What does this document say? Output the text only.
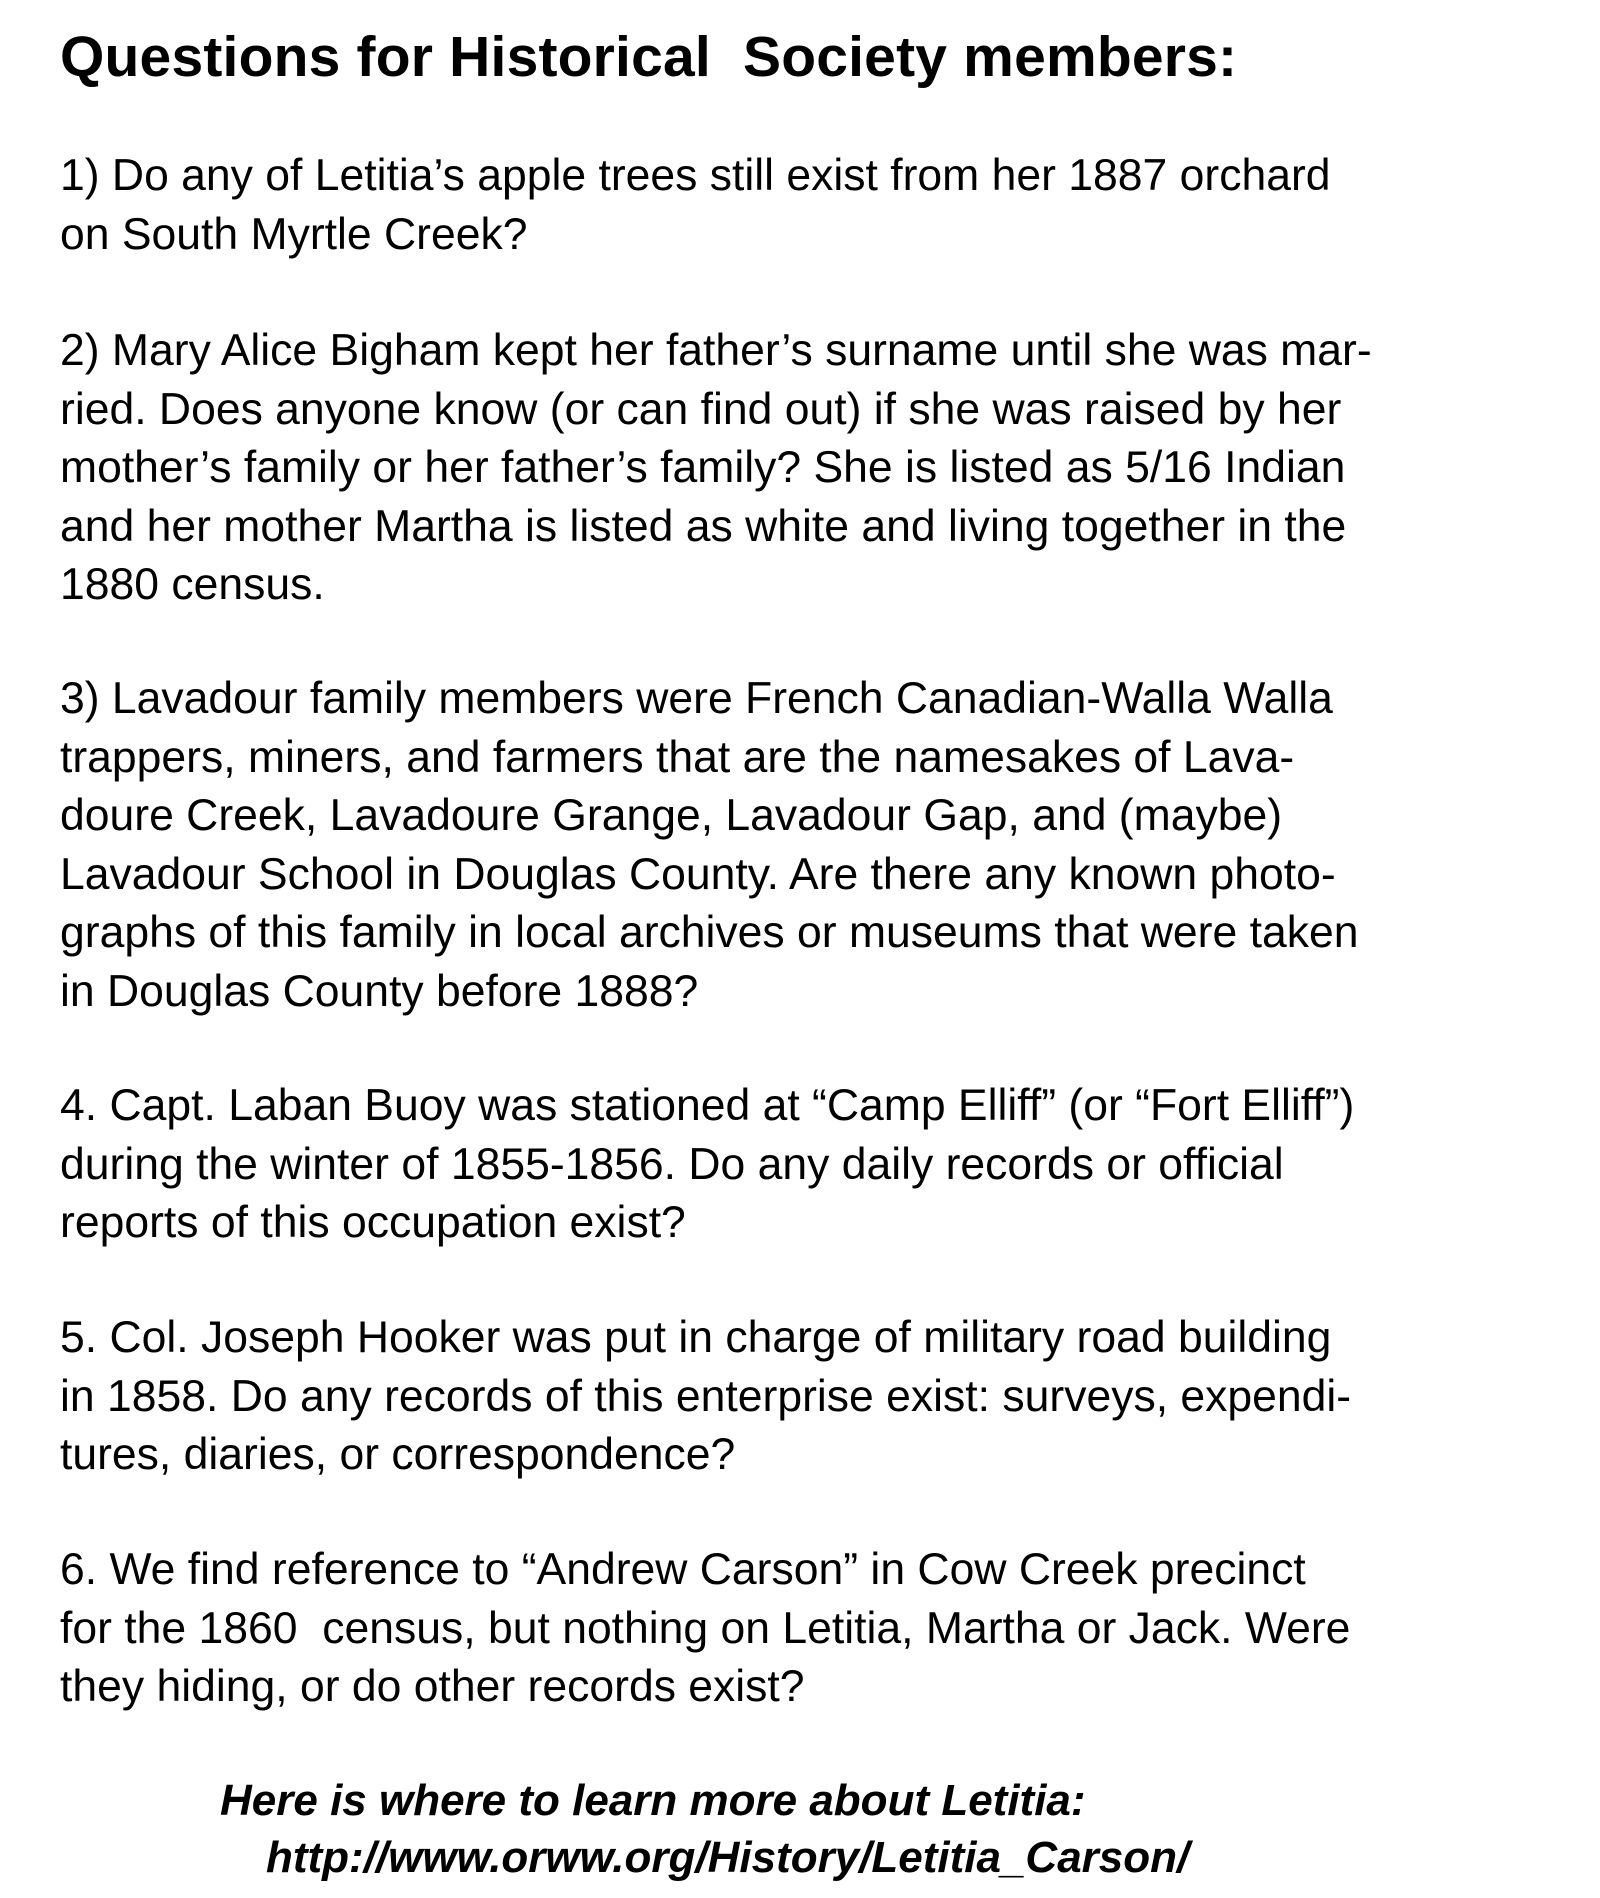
Questions for Historical  Society members:
1) Do any of Letitia’s apple trees still exist from her 1887 orchard
on South Myrtle Creek?
2) Mary Alice Bigham kept her father’s surname until she was mar-
ried. Does anyone know (or can find out) if she was raised by her
mother’s family or her father’s family? She is listed as 5/16 Indian
and her mother Martha is listed as white and living together in the
1880 census.
3) Lavadour family members were French Canadian-Walla Walla
trappers, miners, and farmers that are the namesakes of Lava-
doure Creek, Lavadoure Grange, Lavadour Gap, and (maybe)
Lavadour School in Douglas County. Are there any known photo-
graphs of this family in local archives or museums that were taken
in Douglas County before 1888?
4. Capt. Laban Buoy was stationed at “Camp Elliff” (or “Fort Elliff”)
during the winter of 1855-1856. Do any daily records or official
reports of this occupation exist?
5. Col. Joseph Hooker was put in charge of military road building
in 1858. Do any records of this enterprise exist: surveys, expendi-
tures, diaries, or correspondence?
6. We find reference to “Andrew Carson” in Cow Creek precinct
for the 1860  census, but nothing on Letitia, Martha or Jack. Were
they hiding, or do other records exist?
Here is where to learn more about Letitia:
http://www.orww.org/History/Letitia_Carson/
